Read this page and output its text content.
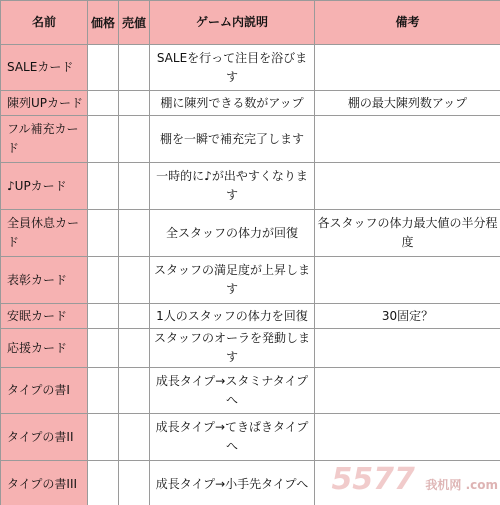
名前	価格	売値	ゲーム内説明	備考
SALEカード			SALEを行って注目を浴びます	
陳列UPカード			棚に陳列できる数がアップ	棚の最大陳列数アップ
フル補充カード			棚を一瞬で補充完了します	
♪UPカード			一時的に♪が出やすくなります	
全員休息カード			全スタッフの体力が回復	各スタッフの体力最大値の半分程度
表彰カード			スタッフの満足度が上昇します	
安眠カード			1人のスタッフの体力を回復	30固定？
応援カード			スタッフのオーラを発動します	
タイプの書I			成長タイプ→スタミナタイプへ	
タイプの書II			成長タイプ→てきぱきタイプへ	
タイプの書III			成長タイプ→小手先タイプへ	5577 我机网 .com
